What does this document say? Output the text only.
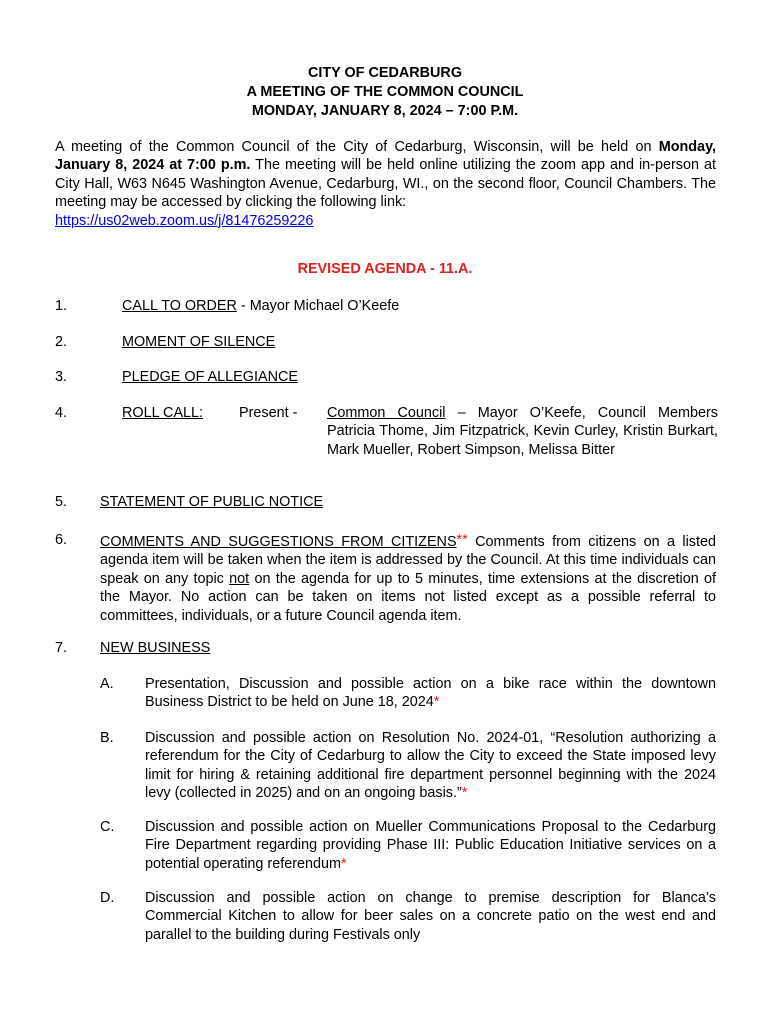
CITY OF CEDARBURG
A MEETING OF THE COMMON COUNCIL
MONDAY, JANUARY 8, 2024 – 7:00 P.M.
A meeting of the Common Council of the City of Cedarburg, Wisconsin, will be held on Monday, January 8, 2024 at 7:00 p.m. The meeting will be held online utilizing the zoom app and in-person at City Hall, W63 N645 Washington Avenue, Cedarburg, WI., on the second floor, Council Chambers. The meeting may be accessed by clicking the following link:
https://us02web.zoom.us/j/81476259226
REVISED AGENDA - 11.A.
1.	CALL TO ORDER - Mayor Michael O’Keefe
2.	MOMENT OF SILENCE
3.	PLEDGE OF ALLEGIANCE
4.	ROLL CALL: Present - Common Council – Mayor O’Keefe, Council Members Patricia Thome, Jim Fitzpatrick, Kevin Curley, Kristin Burkart, Mark Mueller, Robert Simpson, Melissa Bitter
5. STATEMENT OF PUBLIC NOTICE
6. COMMENTS AND SUGGESTIONS FROM CITIZENS** Comments from citizens on a listed agenda item will be taken when the item is addressed by the Council. At this time individuals can speak on any topic not on the agenda for up to 5 minutes, time extensions at the discretion of the Mayor. No action can be taken on items not listed except as a possible referral to committees, individuals, or a future Council agenda item.
7. NEW BUSINESS
A. Presentation, Discussion and possible action on a bike race within the downtown Business District to be held on June 18, 2024*
B. Discussion and possible action on Resolution No. 2024-01, “Resolution authorizing a referendum for the City of Cedarburg to allow the City to exceed the State imposed levy limit for hiring & retaining additional fire department personnel beginning with the 2024 levy (collected in 2025) and on an ongoing basis.”*
C. Discussion and possible action on Mueller Communications Proposal to the Cedarburg Fire Department regarding providing Phase III: Public Education Initiative services on a potential operating referendum*
D. Discussion and possible action on change to premise description for Blanca’s Commercial Kitchen to allow for beer sales on a concrete patio on the west end and parallel to the building during Festivals only
